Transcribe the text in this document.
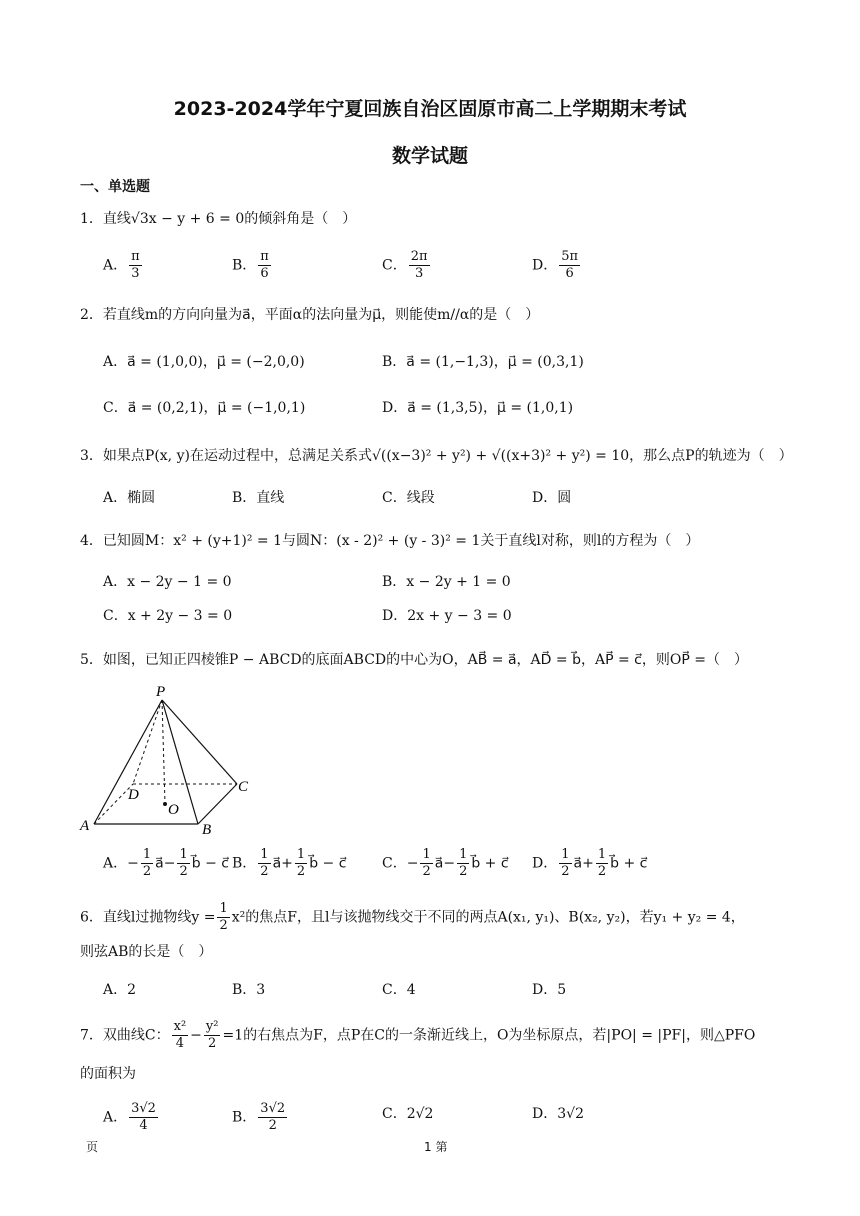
2023-2024学年宁夏回族自治区固原市高二上学期期末考试
数学试题
一、单选题
1．直线√3x − y + 6 = 0的倾斜角是（　）
A． $\frac{\pi}{3}$	B． $\frac{\pi}{6}$	C． $\frac{2\pi}{3}$	D． $\frac{5\pi}{6}$
2．若直线m的方向向量为a⃗，平面α的法向量为μ⃗，则能使m//α的是（　）
A．a⃗ = (1,0,0)，μ⃗ = (−2,0,0)	B．a⃗ = (1,−1,3)，μ⃗ = (0,3,1)
C．a⃗ = (0,2,1)，μ⃗ = (−1,0,1)	D．a⃗ = (1,3,5)，μ⃗ = (1,0,1)
3．如果点P(x, y)在运动过程中，总满足关系式√((x−3)² + y²) + √((x+3)² + y²) = 10，那么点P的轨迹为（　）
A．椭圆	B．直线	C．线段	D．圆
4．已知圆M：x² + (y+1)² = 1与圆N：(x - 2)² + (y - 3)² = 1关于直线l对称，则l的方程为（　）
A．x − 2y − 1 = 0	B．x − 2y + 1 = 0
C．x + 2y − 3 = 0	D．2x + y − 3 = 0
5．如图，已知正四棱锥P − ABCD的底面ABCD的中心为O，AB⃗ = a⃗，AD⃗ = b⃗，AP⃗ = c⃗，则OP⃗ =（　）
P
A	B
C
D
O
A．− $\frac{1}{2}$ a⃗− $\frac{1}{2}$ b⃗ − c⃗ B． $\frac{1}{2}$ a⃗+ $\frac{1}{2}$ b⃗ − c⃗	C．− $\frac{1}{2}$ a⃗− $\frac{1}{2}$ b⃗ + c⃗ D． $\frac{1}{2}$ a⃗+ $\frac{1}{2}$ b⃗ + c⃗
6．直线l过抛物线$y = \frac{1}{2} x^2$的焦点F，且l与该抛物线交于不同的两点A(x₁, y₁)、B(x₂, y₂)，若y₁ + y₂ = 4，
则弦AB的长是（　）
A．2	B．3	C．4	D．5
7．双曲线C： $\frac{\text{x²}}{4} - \frac{\text{y²}}{2} =1$的右焦点为F，点P在C的一条渐近线上，O为坐标原点，若|PO| = |PF|，则△PFO
的面积为
A． $\frac{3√2}{4}$	B． $\frac{3√2}{2}$	C．2√2	D．3√2
页	1 第
